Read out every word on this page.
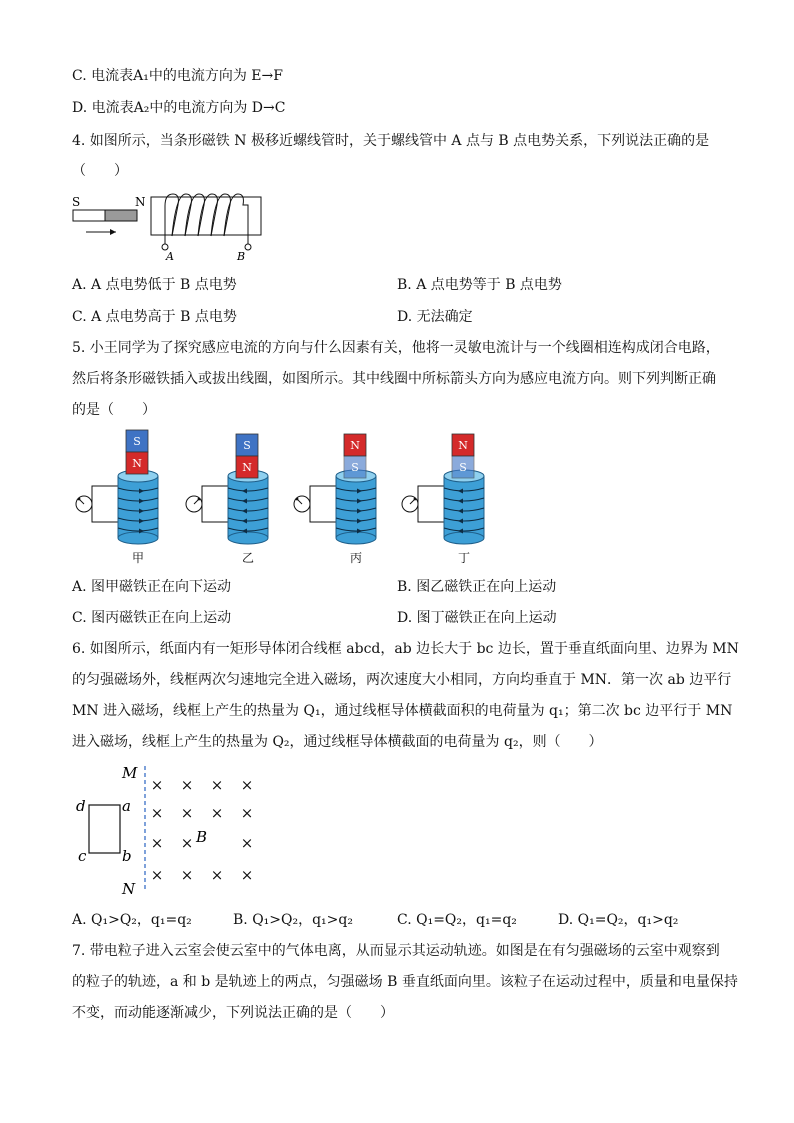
C. 电流表A₁中的电流方向为 E→F
D. 电流表A₂中的电流方向为 D→C
4. 如图所示，当条形磁铁 N 极移近螺线管时，关于螺线管中 A 点与 B 点电势关系，下列说法正确的是
（　　）
S	N
A	B
A. A 点电势低于 B 点电势	B. A 点电势等于 B 点电势
C. A 点电势高于 B 点电势	D. 无法确定
5. 小王同学为了探究感应电流的方向与什么因素有关，他将一灵敏电流计与一个线圈相连构成闭合电路，
然后将条形磁铁插入或拔出线圈，如图所示。其中线圈中所标箭头方向为感应电流方向。则下列判断正确
的是（　　）
S
N
甲
S
N
乙
N
S
丙
N
S
丁
A. 图甲磁铁正在向下运动	B. 图乙磁铁正在向上运动
C. 图丙磁铁正在向上运动	D. 图丁磁铁正在向上运动
6. 如图所示，纸面内有一矩形导体闭合线框 abcd，ab 边长大于 bc 边长，置于垂直纸面向里、边界为 MN
的匀强磁场外，线框两次匀速地完全进入磁场，两次速度大小相同，方向均垂直于 MN．第一次 ab 边平行
MN 进入磁场，线框上产生的热量为 Q₁，通过线框导体横截面积的电荷量为 q₁；第二次 bc 边平行于 MN
进入磁场，线框上产生的热量为 Q₂，通过线框导体横截面的电荷量为 q₂，则（　　）
M
N
d a
c b
B
× × × ×
× × × ×
× ×	×
× × × ×
A. Q₁>Q₂，q₁=q₂	B. Q₁>Q₂，q₁>q₂	C. Q₁=Q₂，q₁=q₂	D. Q₁=Q₂，q₁>q₂
7. 带电粒子进入云室会使云室中的气体电离，从而显示其运动轨迹。如图是在有匀强磁场的云室中观察到
的粒子的轨迹，a 和 b 是轨迹上的两点，匀强磁场 B 垂直纸面向里。该粒子在运动过程中，质量和电量保持
不变，而动能逐渐减少，下列说法正确的是（　　）
